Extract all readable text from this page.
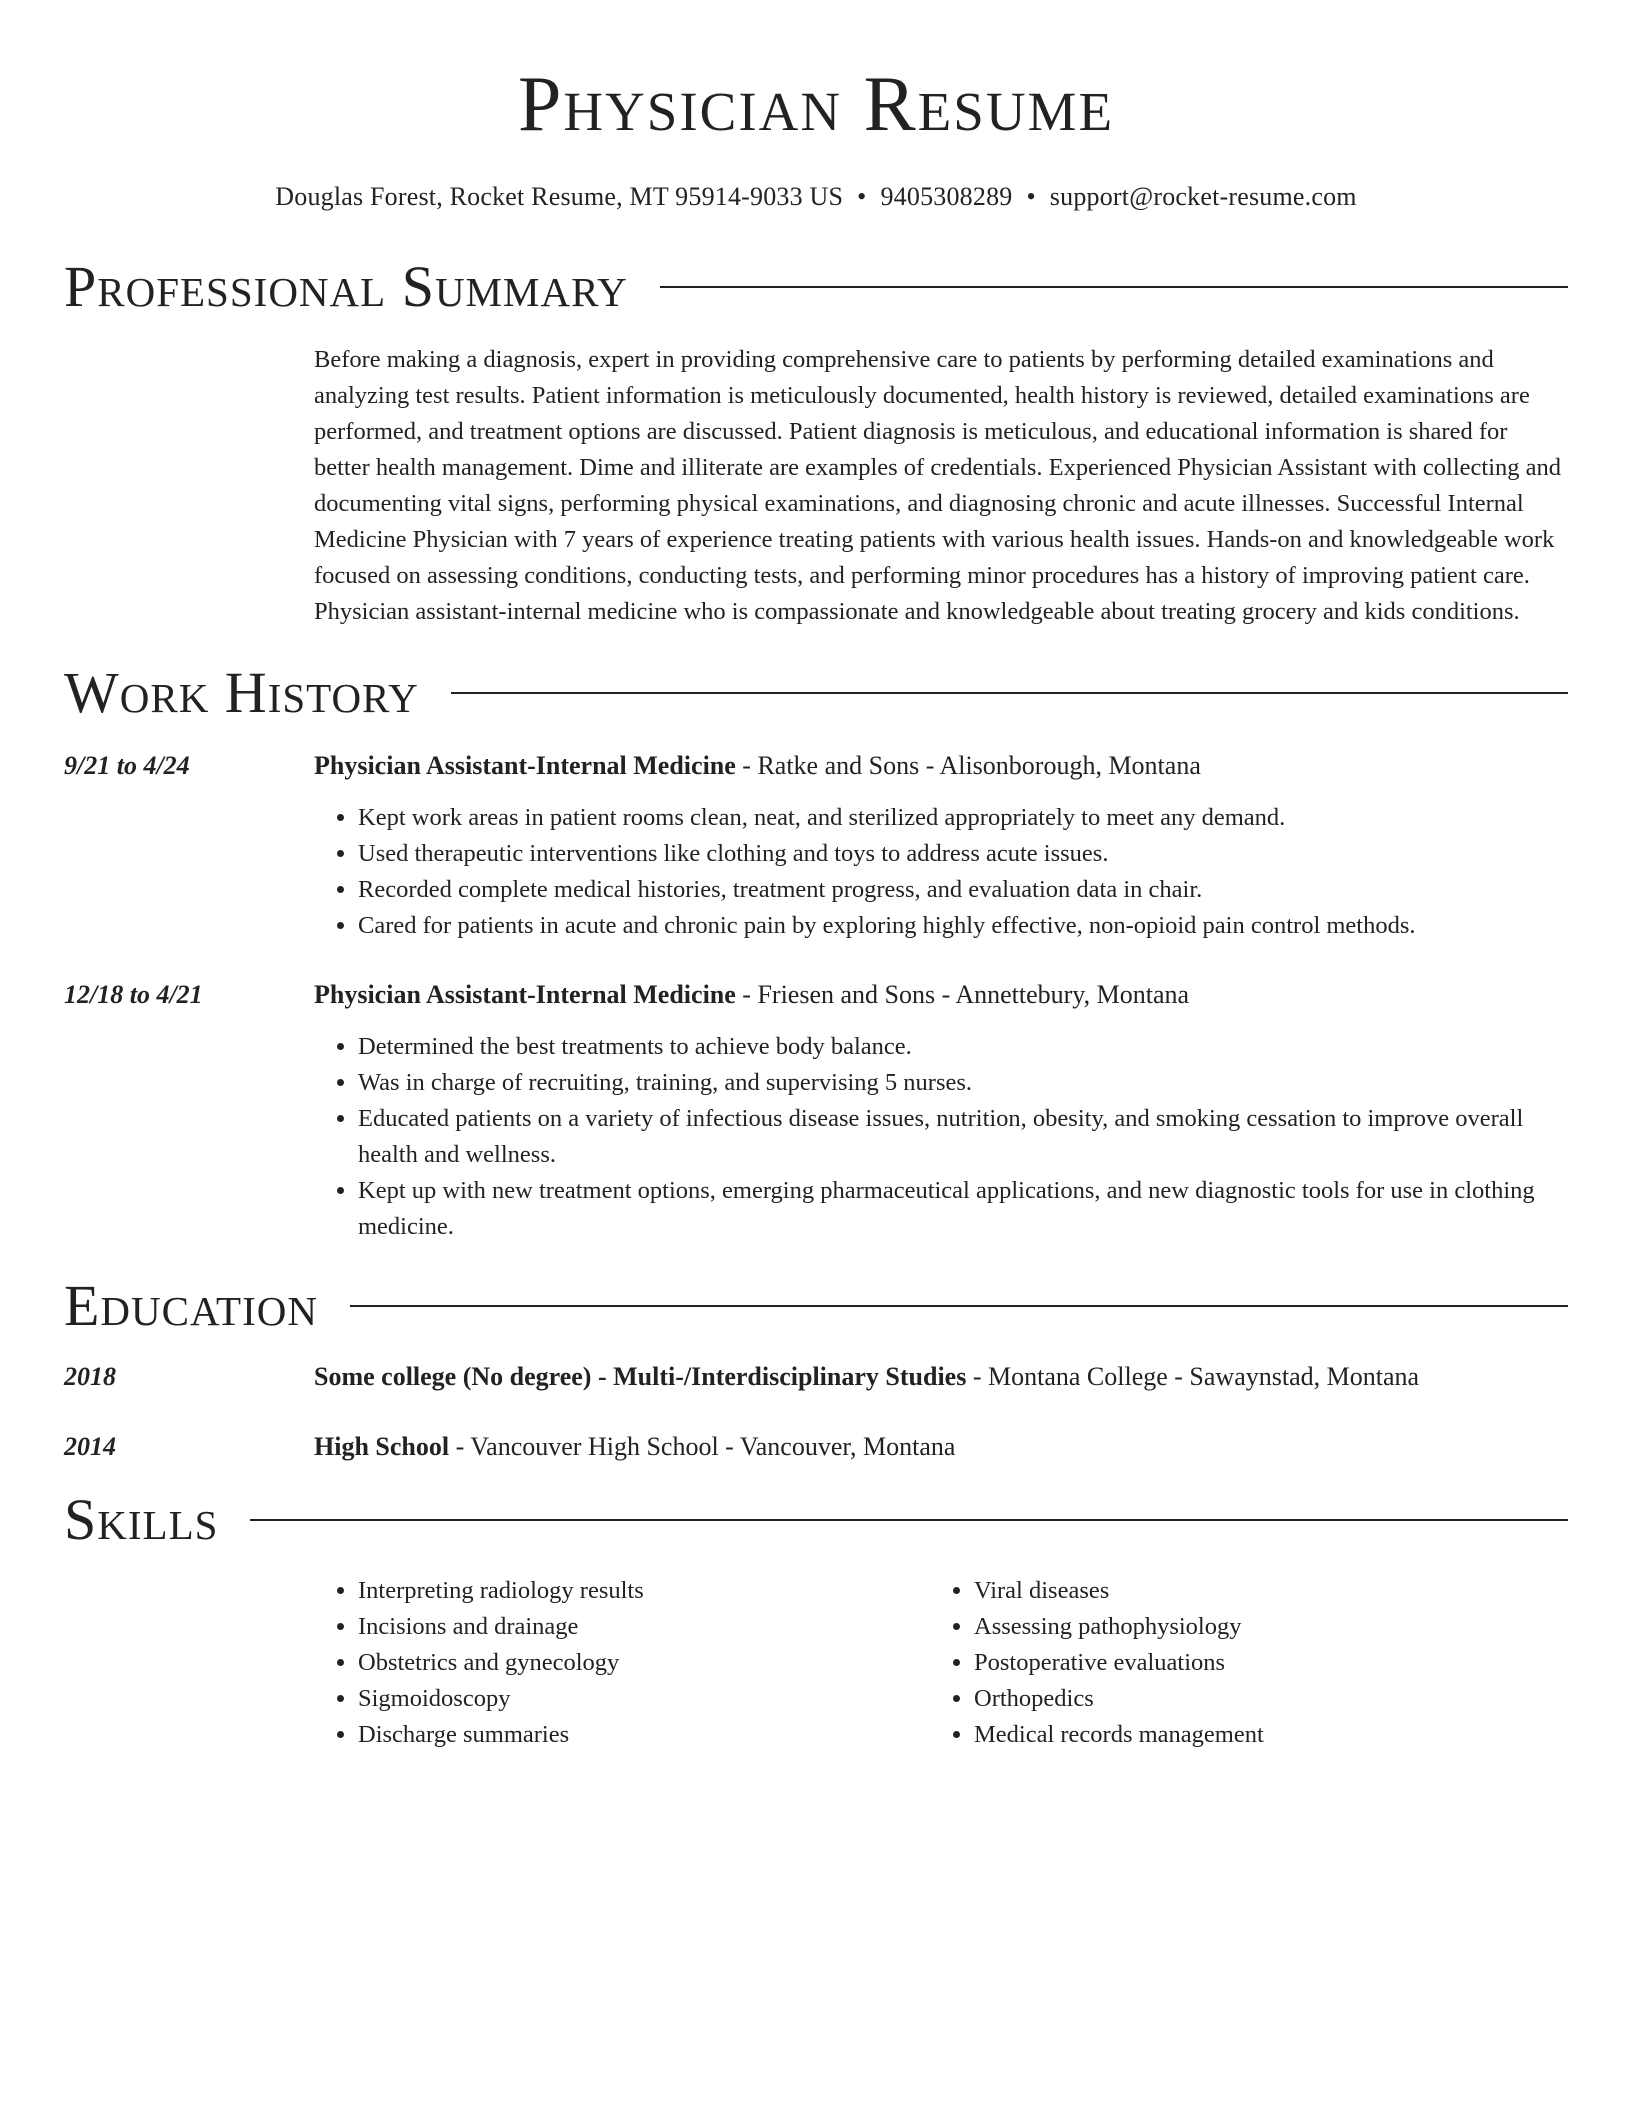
Physician Resume
Douglas Forest, Rocket Resume, MT 95914-9033 US • 9405308289 • support@rocket-resume.com
Professional Summary
Before making a diagnosis, expert in providing comprehensive care to patients by performing detailed examinations and analyzing test results. Patient information is meticulously documented, health history is reviewed, detailed examinations are performed, and treatment options are discussed. Patient diagnosis is meticulous, and educational information is shared for better health management. Dime and illiterate are examples of credentials. Experienced Physician Assistant with collecting and documenting vital signs, performing physical examinations, and diagnosing chronic and acute illnesses. Successful Internal Medicine Physician with 7 years of experience treating patients with various health issues. Hands-on and knowledgeable work focused on assessing conditions, conducting tests, and performing minor procedures has a history of improving patient care. Physician assistant-internal medicine who is compassionate and knowledgeable about treating grocery and kids conditions.
Work History
9/21 to 4/24	Physician Assistant-Internal Medicine - Ratke and Sons - Alisonborough, Montana
• Kept work areas in patient rooms clean, neat, and sterilized appropriately to meet any demand.
• Used therapeutic interventions like clothing and toys to address acute issues.
• Recorded complete medical histories, treatment progress, and evaluation data in chair.
• Cared for patients in acute and chronic pain by exploring highly effective, non-opioid pain control methods.
12/18 to 4/21	Physician Assistant-Internal Medicine - Friesen and Sons - Annettebury, Montana
• Determined the best treatments to achieve body balance.
• Was in charge of recruiting, training, and supervising 5 nurses.
• Educated patients on a variety of infectious disease issues, nutrition, obesity, and smoking cessation to improve overall health and wellness.
• Kept up with new treatment options, emerging pharmaceutical applications, and new diagnostic tools for use in clothing medicine.
Education
2018	Some college (No degree) - Multi-/Interdisciplinary Studies - Montana College - Sawaynstad, Montana
2014	High School - Vancouver High School - Vancouver, Montana
Skills
• Interpreting radiology results
• Incisions and drainage
• Obstetrics and gynecology
• Sigmoidoscopy
• Discharge summaries
• Viral diseases
• Assessing pathophysiology
• Postoperative evaluations
• Orthopedics
• Medical records management
